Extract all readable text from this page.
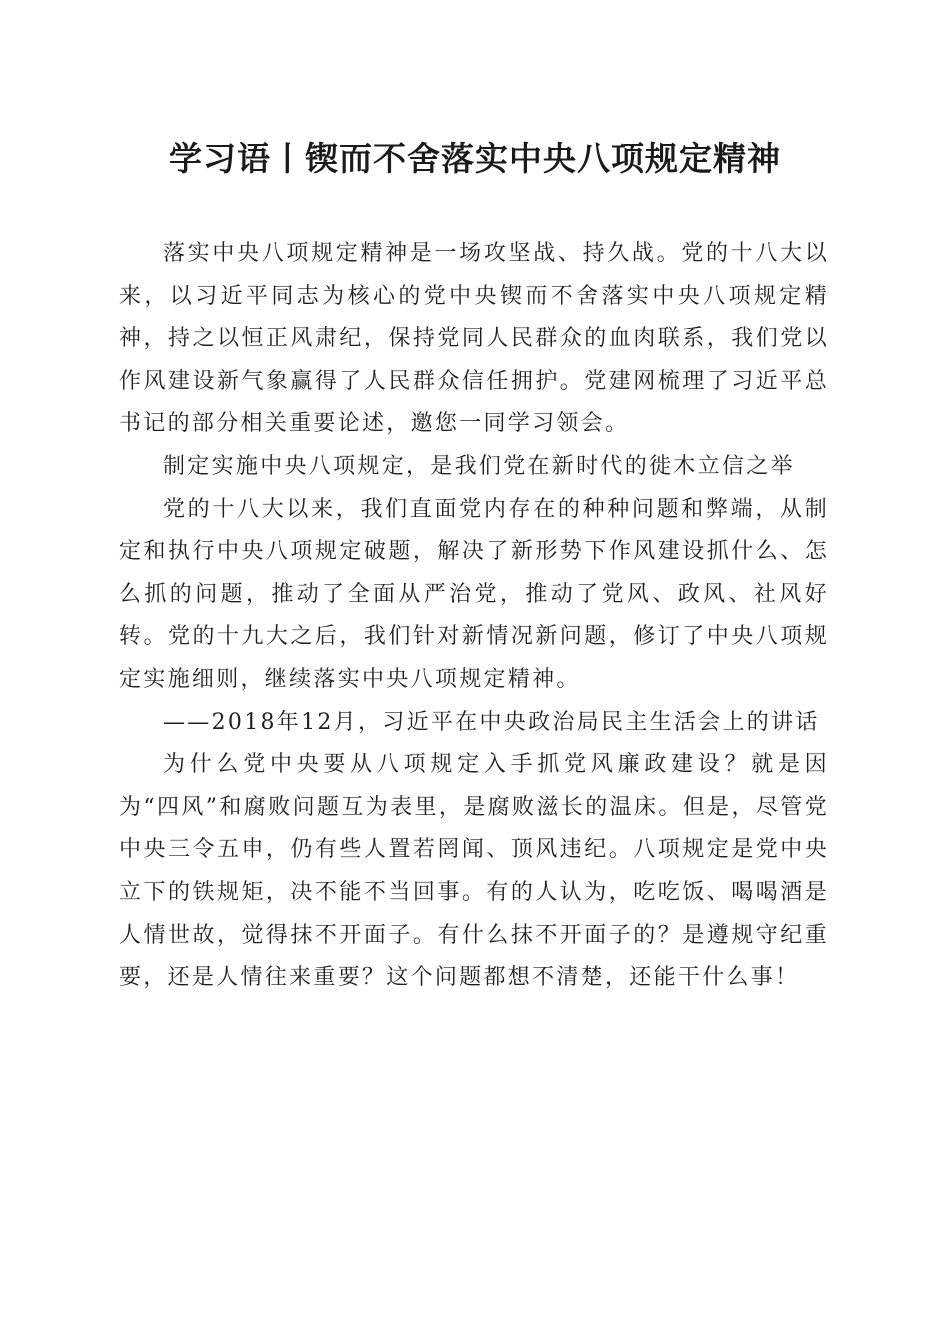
学习语丨锲而不舍落实中央八项规定精神

落实中央八项规定精神是一场攻坚战、持久战。党的十八大以来，以习近平同志为核心的党中央锲而不舍落实中央八项规定精神，持之以恒正风肃纪，保持党同人民群众的血肉联系，我们党以作风建设新气象赢得了人民群众信任拥护。党建网梳理了习近平总书记的部分相关重要论述，邀您一同学习领会。

制定实施中央八项规定，是我们党在新时代的徙木立信之举

党的十八大以来，我们直面党内存在的种种问题和弊端，从制定和执行中央八项规定破题，解决了新形势下作风建设抓什么、怎么抓的问题，推动了全面从严治党，推动了党风、政风、社风好转。党的十九大之后，我们针对新情况新问题，修订了中央八项规定实施细则，继续落实中央八项规定精神。

——2018年12月，习近平在中央政治局民主生活会上的讲话

为什么党中央要从八项规定入手抓党风廉政建设？就是因为“四风”和腐败问题互为表里，是腐败滋长的温床。但是，尽管党中央三令五申，仍有些人置若罔闻、顶风违纪。八项规定是党中央立下的铁规矩，决不能不当回事。有的人认为，吃吃饭、喝喝酒是人情世故，觉得抹不开面子。有什么抹不开面子的？是遵规守纪重要，还是人情往来重要？这个问题都想不清楚，还能干什么事！
